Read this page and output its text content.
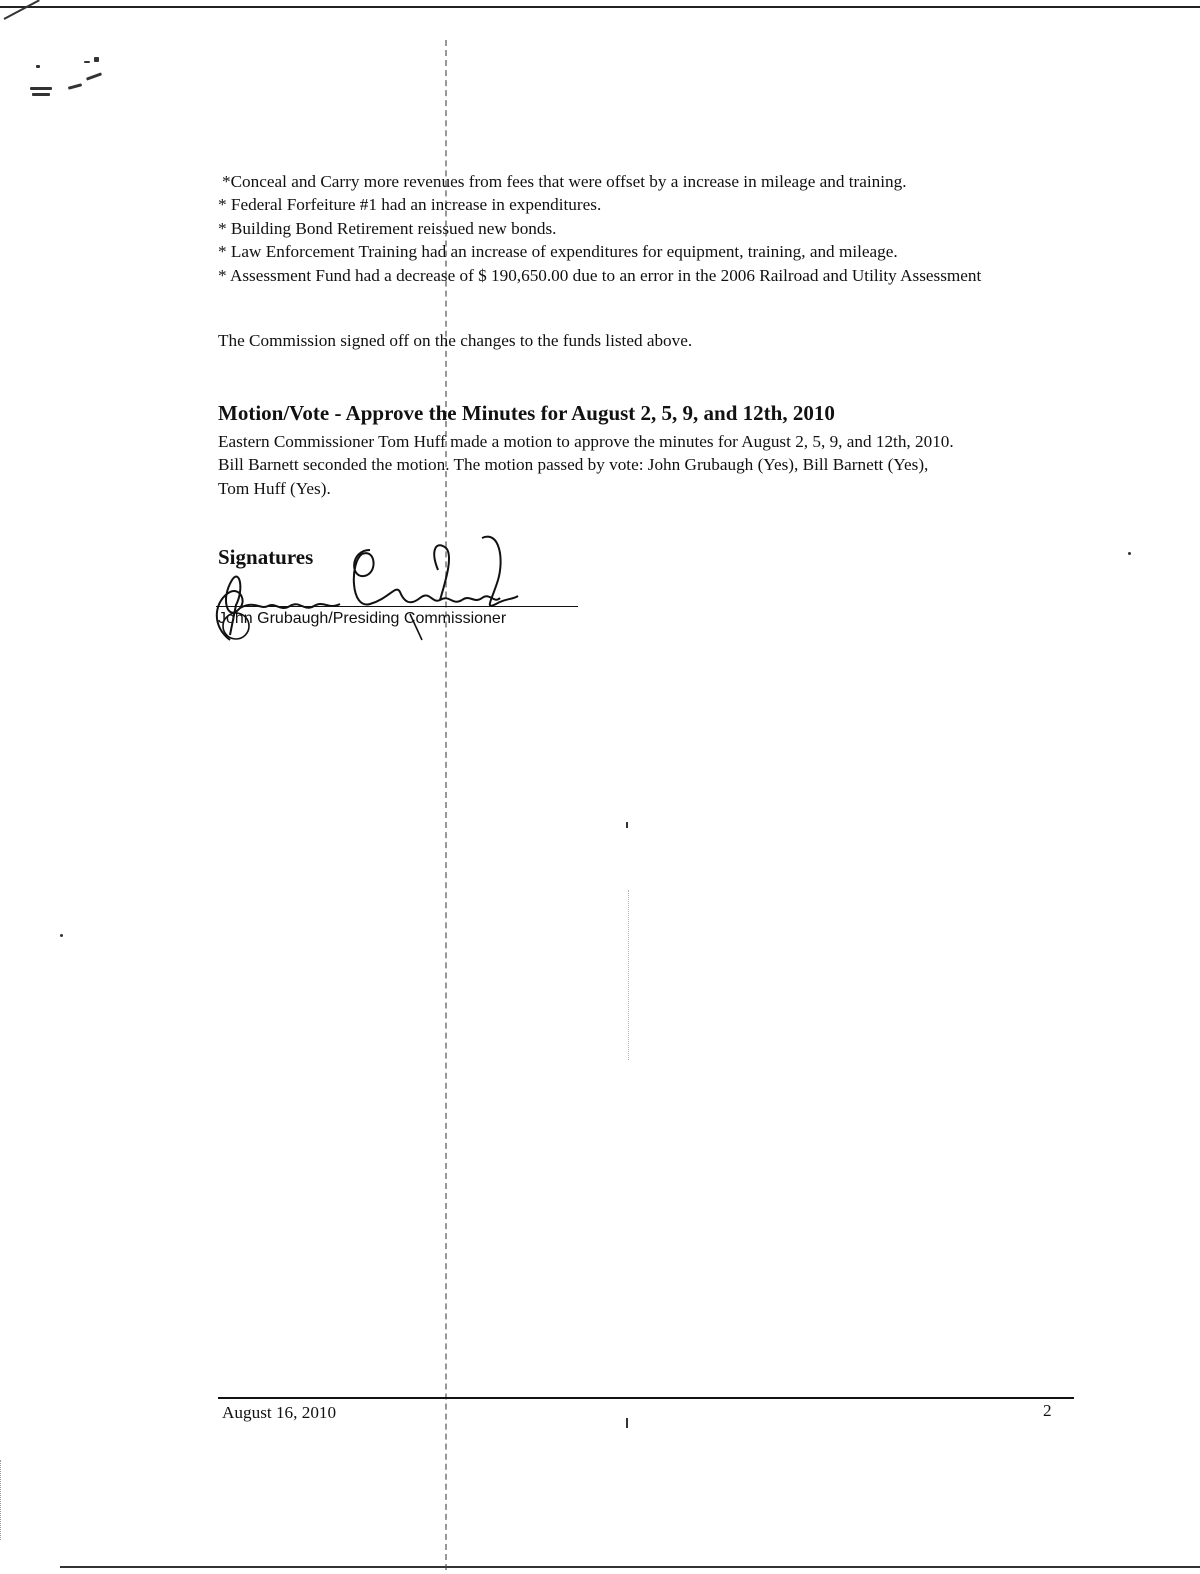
*Conceal and Carry more revenues from fees that were offset by a increase in mileage and training.

* Federal Forfeiture #1 had an increase in expenditures.

* Building Bond Retirement reissued new bonds.

* Law Enforcement Training had an increase of expenditures for equipment, training, and mileage.

* Assessment Fund had a decrease of $ 190,650.00 due to an error in the 2006 Railroad and Utility Assessment

The Commission signed off on the changes to the funds listed above.
Motion/Vote - Approve the Minutes for August 2, 5, 9, and 12th, 2010

Eastern Commissioner Tom Huff made a motion to approve the minutes for August 2, 5, 9, and 12th, 2010.

Bill Barnett seconded the motion. The motion passed by vote: John Grubaugh (Yes), Bill Barnett (Yes),

Tom Huff (Yes).

Signatures
John Grubaugh/Presiding Commissioner
August 16, 2010	2
